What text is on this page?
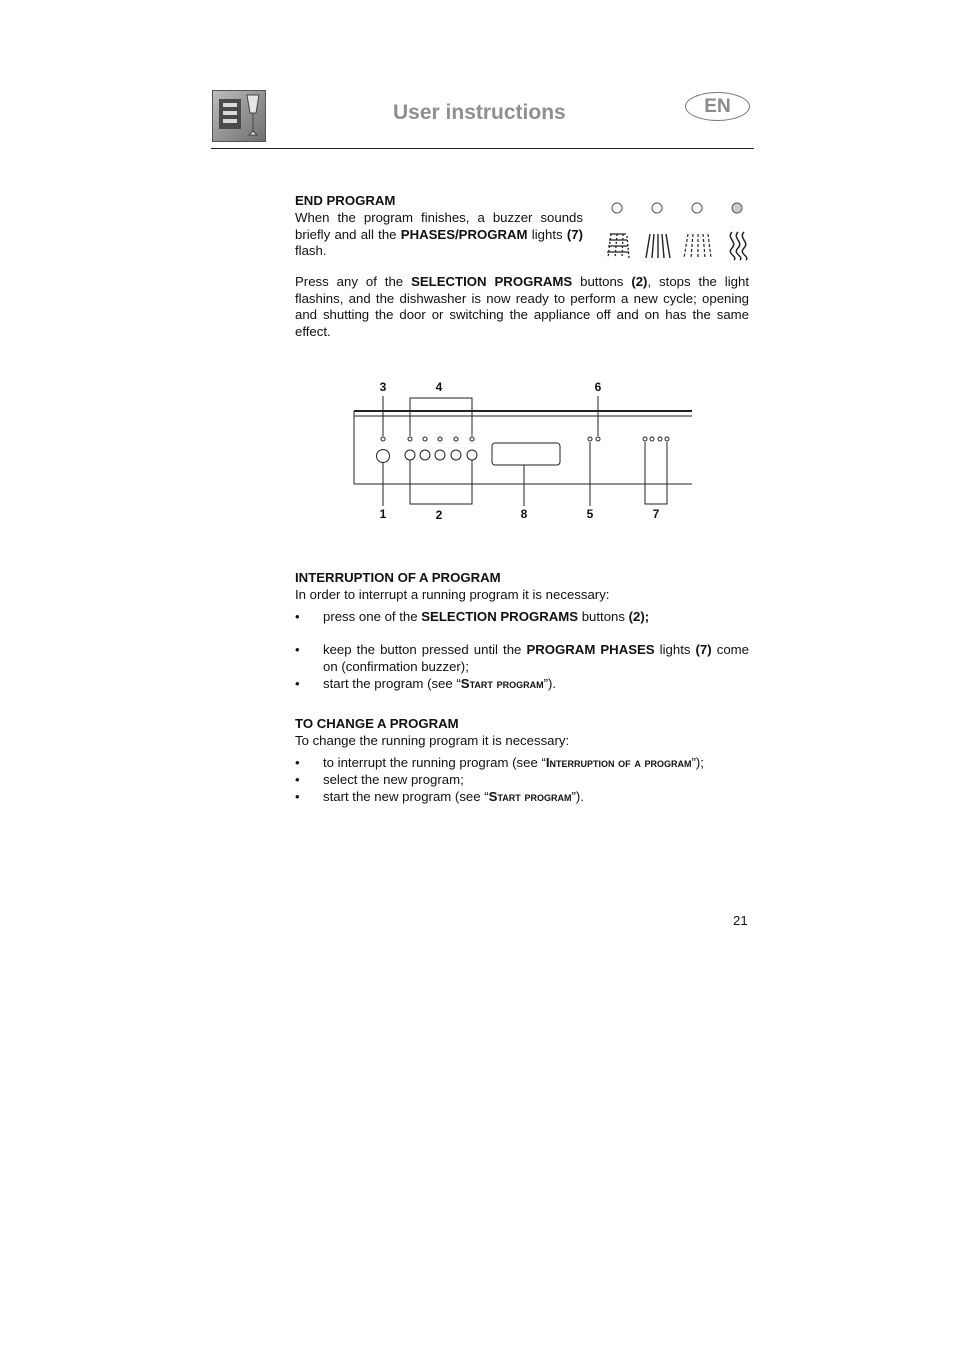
User instructions	EN
END PROGRAM
When the program finishes, a buzzer sounds briefly and all the PHASES/PROGRAM lights (7) flash.
Press any of the SELECTION PROGRAMS buttons (2), stops the light flashins, and the dishwasher is now ready to perform a new cycle; opening and shutting the door or switching the appliance off and on has the same effect.
3	4	6
1	2	8	5	7
INTERRUPTION OF A PROGRAM
In order to interrupt a running program it is necessary:
• press one of the SELECTION PROGRAMS buttons (2);
• keep the button pressed until the PROGRAM PHASES lights (7) come on (confirmation buzzer);
• start the program (see “Start program”).
TO CHANGE A PROGRAM
To change the running program it is necessary:
• to interrupt the running program (see “Interruption of a program”);
• select the new program;
• start the new program (see “Start program”).
21
